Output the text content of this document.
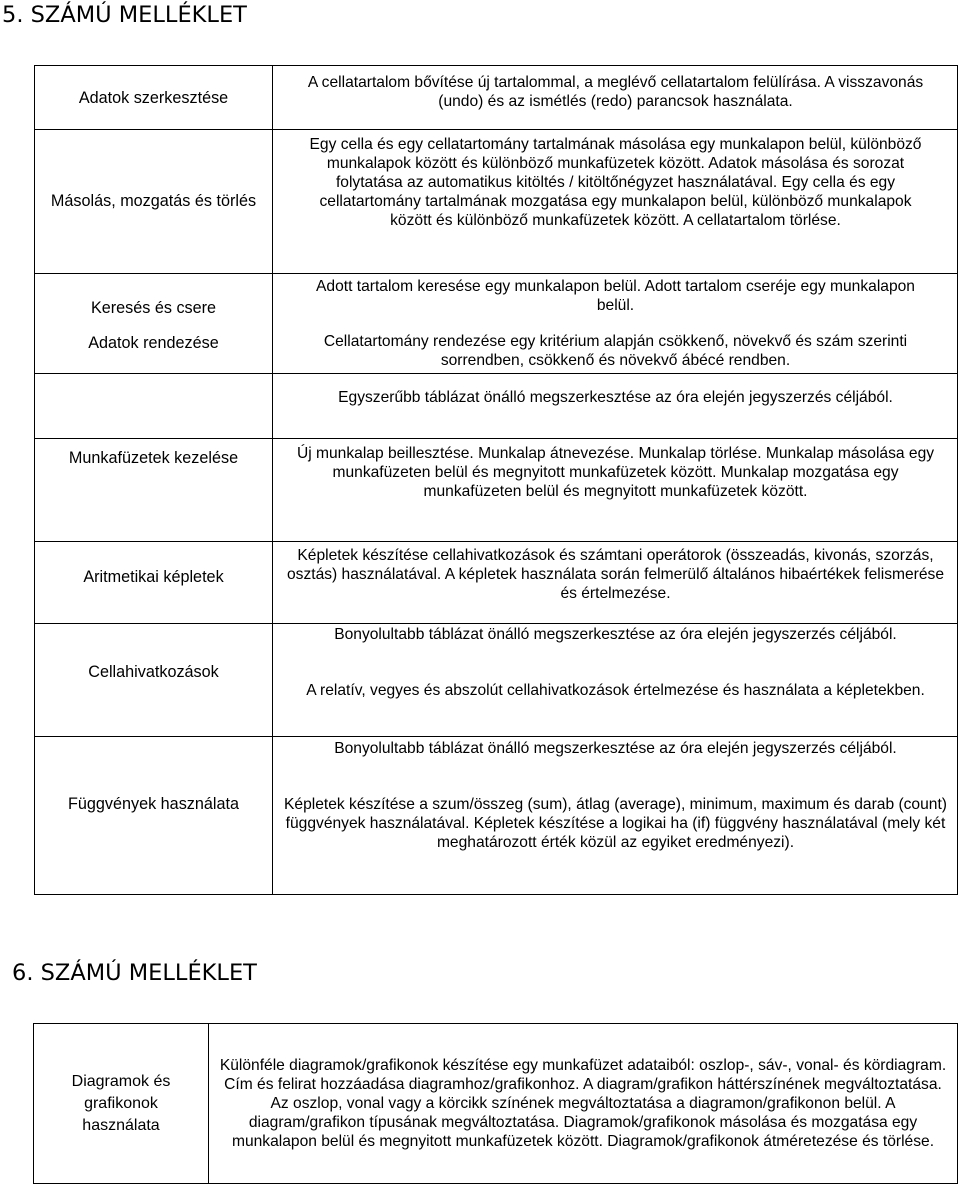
5. SZÁMÚ MELLÉKLET
Adatok szerkesztése
Másolás, mozgatás és törlés
Keresés és csere
Adatok rendezése
Munkafüzetek kezelése
Aritmetikai képletek
Cellahivatkozások
Függvények használata
A cellatartalom bővítése új tartalommal, a meglévő cellatartalom felülírása. A visszavonás (undo) és az ismétlés (redo) parancsok használata.
Egy cella és egy cellatartomány tartalmának másolása egy munkalapon belül, különböző munkalapok között és különböző munkafüzetek között. Adatok másolása és sorozat folytatása az automatikus kitöltés / kitöltőnégyzet használatával. Egy cella és egy cellatartomány tartalmának mozgatása egy munkalapon belül, különböző munkalapok között és különböző munkafüzetek között. A cellatartalom törlése.
Adott tartalom keresése egy munkalapon belül. Adott tartalom cseréje egy munkalapon belül.
Cellatartomány rendezése egy kritérium alapján csökkenő, növekvő és szám szerinti sorrendben, csökkenő és növekvő ábécé rendben.
Egyszerűbb táblázat önálló megszerkesztése az óra elején jegyszerzés céljából.
Új munkalap beillesztése. Munkalap átnevezése. Munkalap törlése. Munkalap másolása egy munkafüzeten belül és megnyitott munkafüzetek között. Munkalap mozgatása egy munkafüzeten belül és megnyitott munkafüzetek között.
Képletek készítése cellahivatkozások és számtani operátorok (összeadás, kivonás, szorzás, osztás) használatával. A képletek használata során felmerülő általános hibaértékek felismerése és értelmezése.
Bonyolultabb táblázat önálló megszerkesztése az óra elején jegyszerzés céljából.
A relatív, vegyes és abszolút cellahivatkozások értelmezése és használata a képletekben.
Bonyolultabb táblázat önálló megszerkesztése az óra elején jegyszerzés céljából.
Képletek készítése a szum/összeg (sum), átlag (average), minimum, maximum és darab (count) függvények használatával. Képletek készítése a logikai ha (if) függvény használatával (mely két meghatározott érték közül az egyiket eredményezi).
6. SZÁMÚ MELLÉKLET
Diagramok és grafikonok használata
Különféle diagramok/grafikonok készítése egy munkafüzet adataiból: oszlop-, sáv-, vonal- és kördiagram. Cím és felirat hozzáadása diagramhoz/grafikonhoz. A diagram/grafikon háttérszínének megváltoztatása. Az oszlop, vonal vagy a körcikk színének megváltoztatása a diagramon/grafikonon belül. A diagram/grafikon típusának megváltoztatása. Diagramok/grafikonok másolása és mozgatása egy munkalapon belül és megnyitott munkafüzetek között. Diagramok/grafikonok átméretezése és törlése.
